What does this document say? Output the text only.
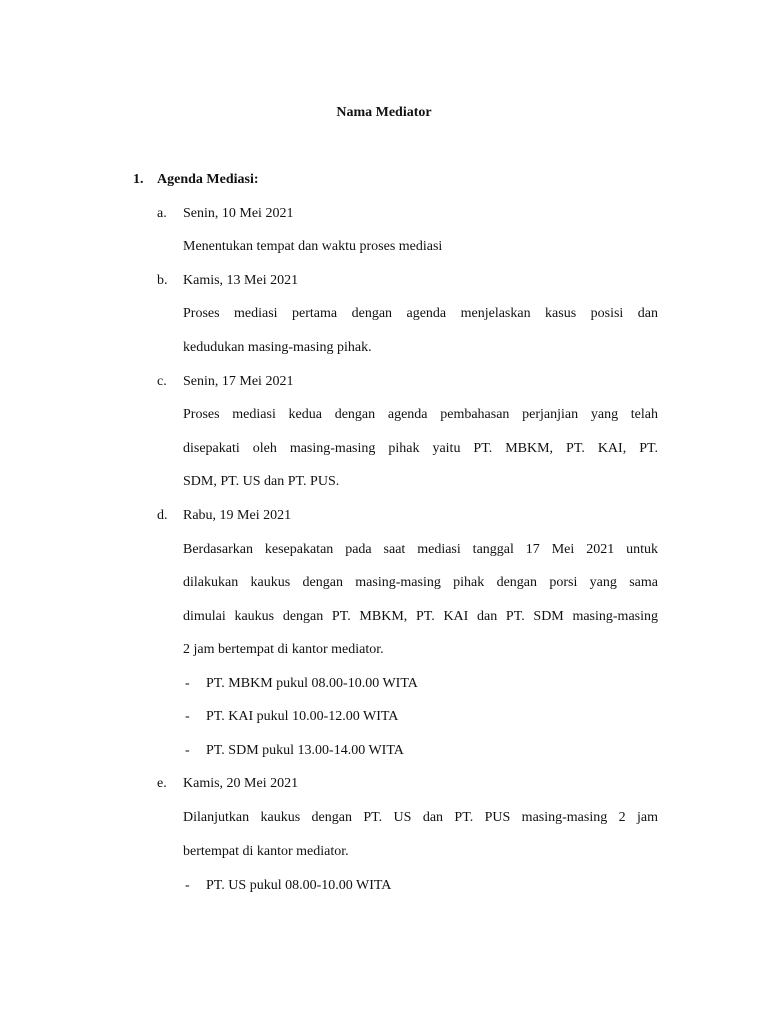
Nama Mediator
1. Agenda Mediasi:
a. Senin, 10 Mei 2021
Menentukan tempat dan waktu proses mediasi
b. Kamis, 13 Mei 2021
Proses mediasi pertama dengan agenda menjelaskan kasus posisi dan
kedudukan masing-masing pihak.
c. Senin, 17 Mei 2021
Proses mediasi kedua dengan agenda pembahasan perjanjian yang telah
disepakati oleh masing-masing pihak yaitu PT. MBKM, PT. KAI, PT.
SDM, PT. US dan PT. PUS.
d. Rabu, 19 Mei 2021
Berdasarkan kesepakatan pada saat mediasi tanggal 17 Mei 2021 untuk
dilakukan kaukus dengan masing-masing pihak dengan porsi yang sama
dimulai kaukus dengan PT. MBKM, PT. KAI dan PT. SDM masing-masing
2 jam bertempat di kantor mediator.
- PT. MBKM pukul 08.00-10.00 WITA
- PT. KAI pukul 10.00-12.00 WITA
- PT. SDM pukul 13.00-14.00 WITA
e. Kamis, 20 Mei 2021
Dilanjutkan kaukus dengan PT. US dan PT. PUS masing-masing 2 jam
bertempat di kantor mediator.
- PT. US pukul 08.00-10.00 WITA
